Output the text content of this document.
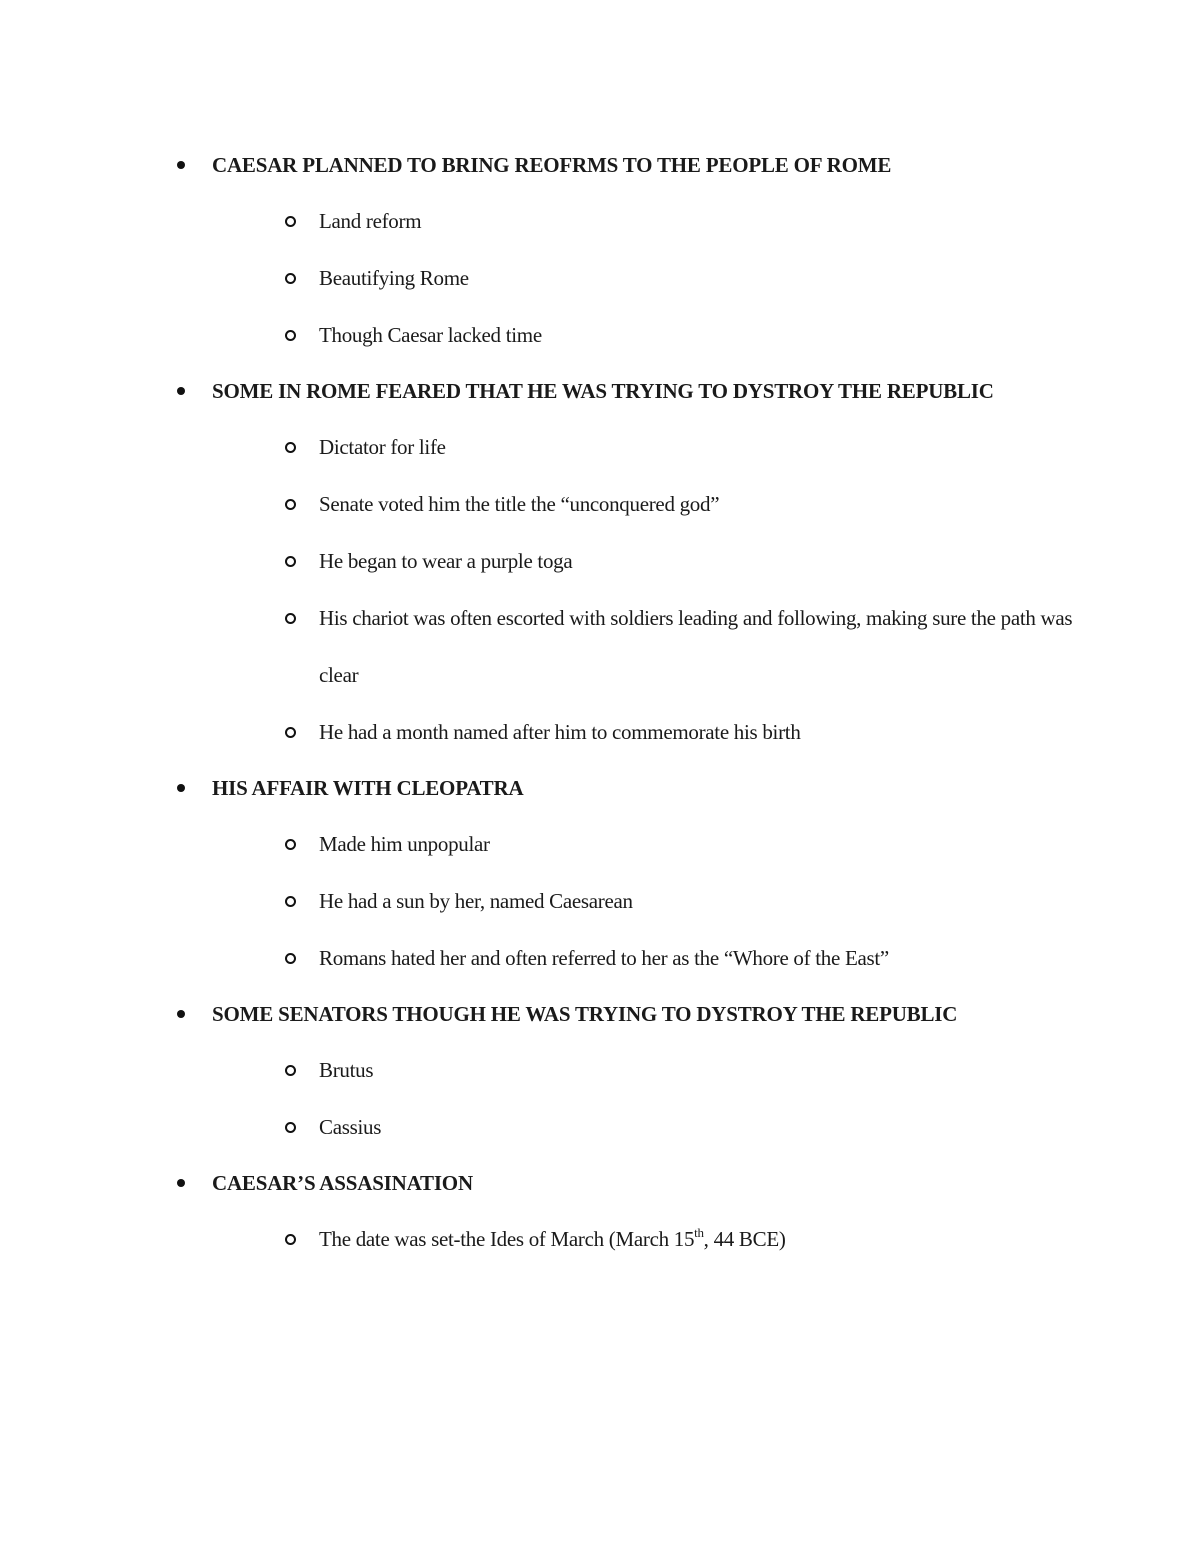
CAESAR PLANNED TO BRING REOFRMS TO THE PEOPLE OF ROME
Land reform
Beautifying Rome
Though Caesar lacked time
SOME IN ROME FEARED THAT HE WAS TRYING TO DYSTROY THE REPUBLIC
Dictator for life
Senate voted him the title the “unconquered god”
He began to wear a purple toga
His chariot was often escorted with soldiers leading and following, making sure the path was clear
He had a month named after him to commemorate his birth
HIS AFFAIR WITH CLEOPATRA
Made him unpopular
He had a sun by her, named Caesarean
Romans hated her and often referred to her as the “Whore of the East”
SOME SENATORS THOUGH HE WAS TRYING TO DYSTROY THE REPUBLIC
Brutus
Cassius
CAESAR’S ASSASINATION
The date was set-the Ides of March (March 15th, 44 BCE)
